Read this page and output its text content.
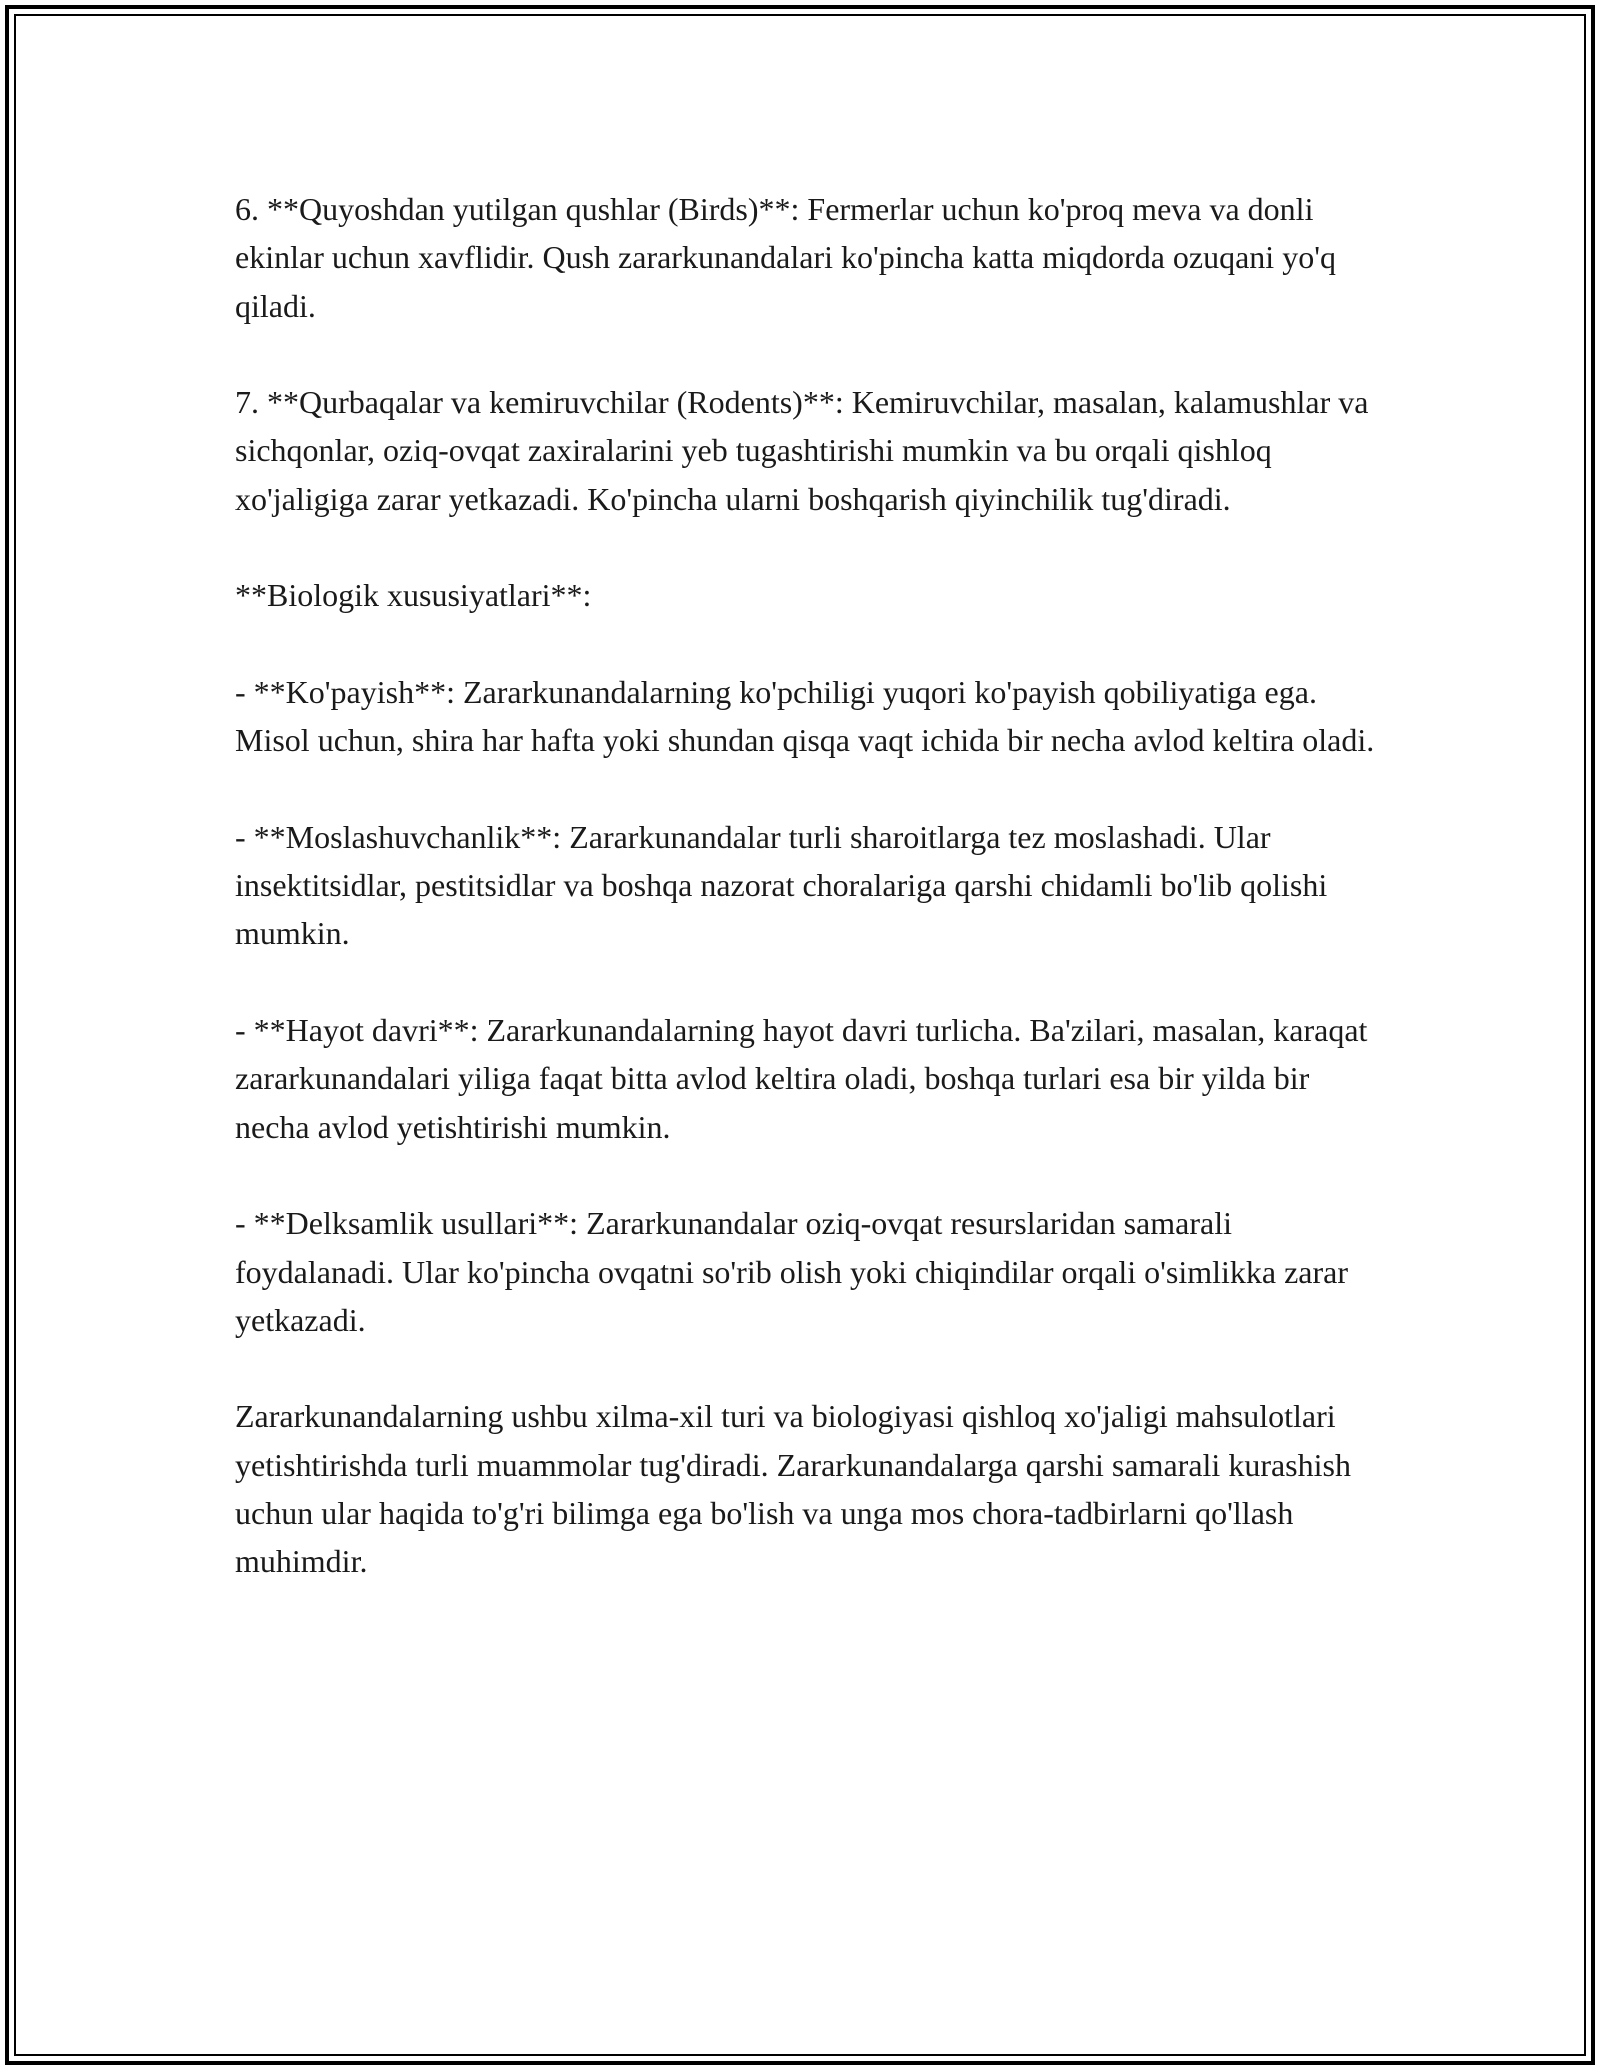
6. **Quyoshdan yutilgan qushlar (Birds)**: Fermerlar uchun ko'proq meva va donli ekinlar uchun xavflidir. Qush zararkunandalari ko'pincha katta miqdorda ozuqani yo'q qiladi.

7. **Qurbaqalar va kemiruvchilar (Rodents)**: Kemiruvchilar, masalan, kalamushlar va sichqonlar, oziq-ovqat zaxiralarini yeb tugashtirishi mumkin va bu orqali qishloq xo'jaligiga zarar yetkazadi. Ko'pincha ularni boshqarish qiyinchilik tug'diradi.

**Biologik xususiyatlari**:

- **Ko'payish**: Zararkunandalarning ko'pchiligi yuqori ko'payish qobiliyatiga ega. Misol uchun, shira har hafta yoki shundan qisqa vaqt ichida bir necha avlod keltira oladi.

- **Moslashuvchanlik**: Zararkunandalar turli sharoitlarga tez moslashadi. Ular insektitsidlar, pestitsidlar va boshqa nazorat choralariga qarshi chidamli bo'lib qolishi mumkin.

- **Hayot davri**: Zararkunandalarning hayot davri turlicha. Ba'zilari, masalan, karaqat zararkunandalari yiliga faqat bitta avlod keltira oladi, boshqa turlari esa bir yilda bir necha avlod yetishtirishi mumkin.

- **Delksamlik usullari**: Zararkunandalar oziq-ovqat resurslaridan samarali foydalanadi. Ular ko'pincha ovqatni so'rib olish yoki chiqindilar orqali o'simlikka zarar yetkazadi.

Zararkunandalarning ushbu xilma-xil turi va biologiyasi qishloq xo'jaligi mahsulotlari yetishtirishda turli muammolar tug'diradi. Zararkunandalarga qarshi samarali kurashish uchun ular haqida to'g'ri bilimga ega bo'lish va unga mos chora-tadbirlarni qo'llash muhimdir.
